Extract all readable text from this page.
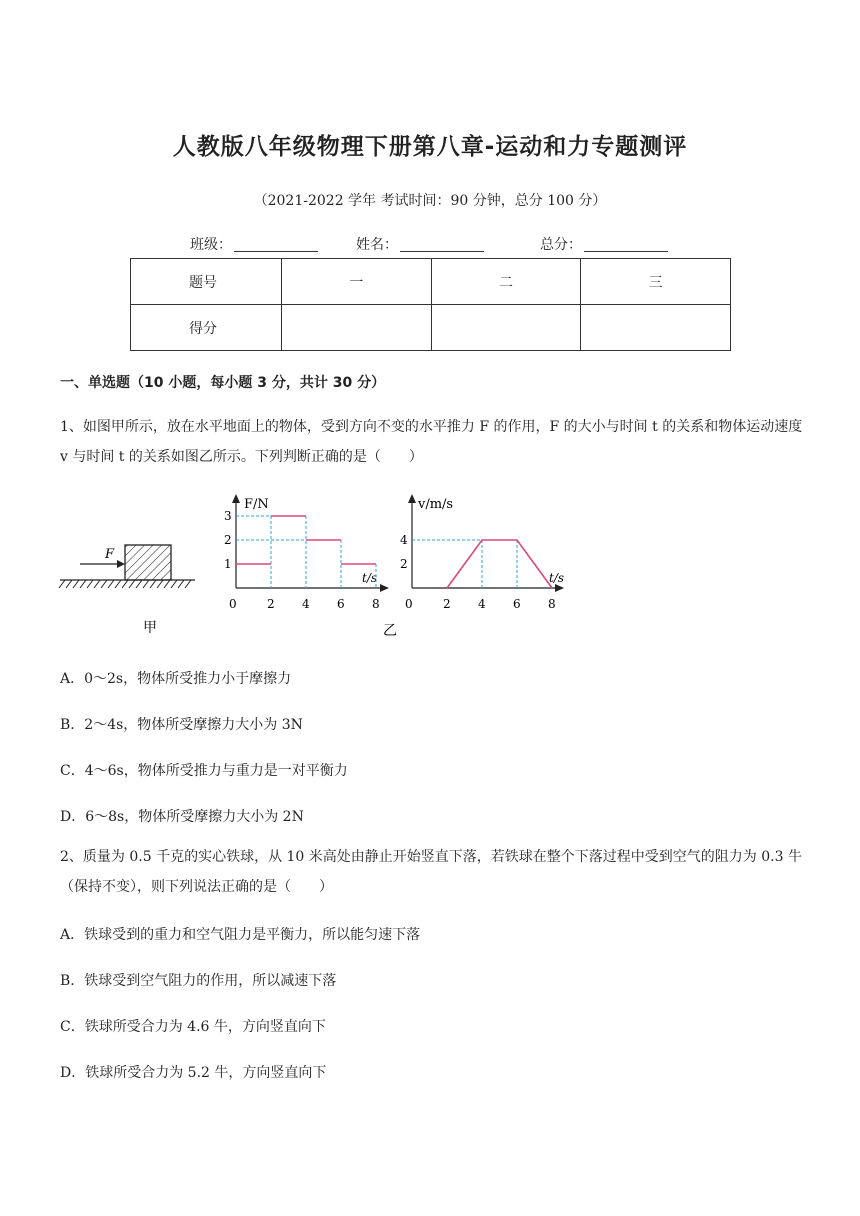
人教版八年级物理下册第八章-运动和力专题测评
（2021-2022 学年 考试时间：90 分钟，总分 100 分）
班级：	姓名：	总分：
题号	一	二	三
得分			
一、单选题（10 小题，每小题 3 分，共计 30 分）
1、如图甲所示，放在水平地面上的物体，受到方向不变的水平推力 F 的作用，F 的大小与时间 t 的关系和物体运动速度 v 与时间 t 的关系如图乙所示。下列判断正确的是（　　）
F
甲
F/N
t/s
0	2 4 6 8
1
2
3
v/m/s
t/s
0	2 4 6 8
2
4
乙
A．0～2s，物体所受推力小于摩擦力
B．2～4s，物体所受摩擦力大小为 3N
C．4～6s，物体所受推力与重力是一对平衡力
D．6～8s，物体所受摩擦力大小为 2N
2、质量为 0.5 千克的实心铁球，从 10 米高处由静止开始竖直下落，若铁球在整个下落过程中受到空气的阻力为 0.3 牛（保持不变），则下列说法正确的是（　　）
A．铁球受到的重力和空气阻力是平衡力，所以能匀速下落
B．铁球受到空气阻力的作用，所以减速下落
C．铁球所受合力为 4.6 牛，方向竖直向下
D．铁球所受合力为 5.2 牛，方向竖直向下
